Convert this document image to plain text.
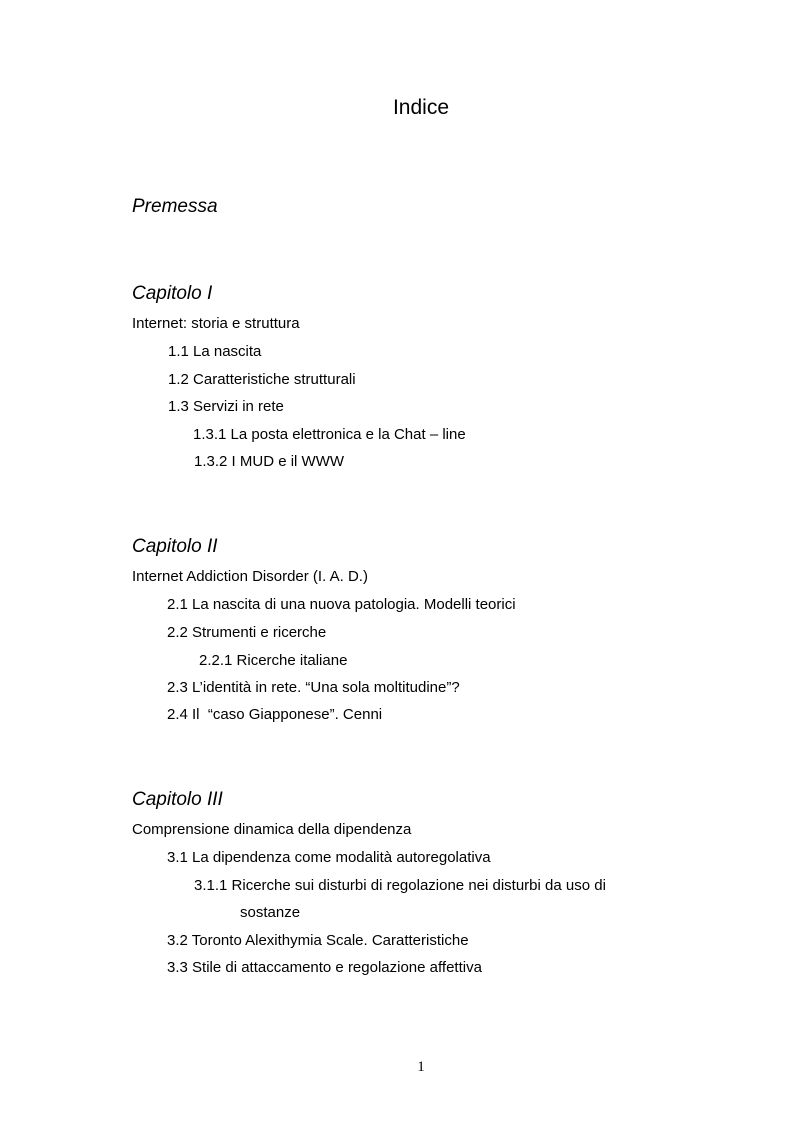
Indice
Premessa
Capitolo I

Internet: storia e struttura

1.1 La nascita

1.2 Caratteristiche strutturali

1.3 Servizi in rete

1.3.1 La posta elettronica e la Chat – line

1.3.2 I MUD e il WWW

Capitolo II

Internet Addiction Disorder (I. A. D.)

2.1 La nascita di una nuova patologia. Modelli teorici

2.2 Strumenti e ricerche

2.2.1 Ricerche italiane

2.3 L’identità in rete. “Una sola moltitudine”?

2.4 Il  “caso Giapponese”. Cenni

Capitolo III

Comprensione dinamica della dipendenza

3.1 La dipendenza come modalità autoregolativa

3.1.1 Ricerche sui disturbi di regolazione nei disturbi da uso di

sostanze

3.2 Toronto Alexithymia Scale. Caratteristiche

3.3 Stile di attaccamento e regolazione affettiva

1
